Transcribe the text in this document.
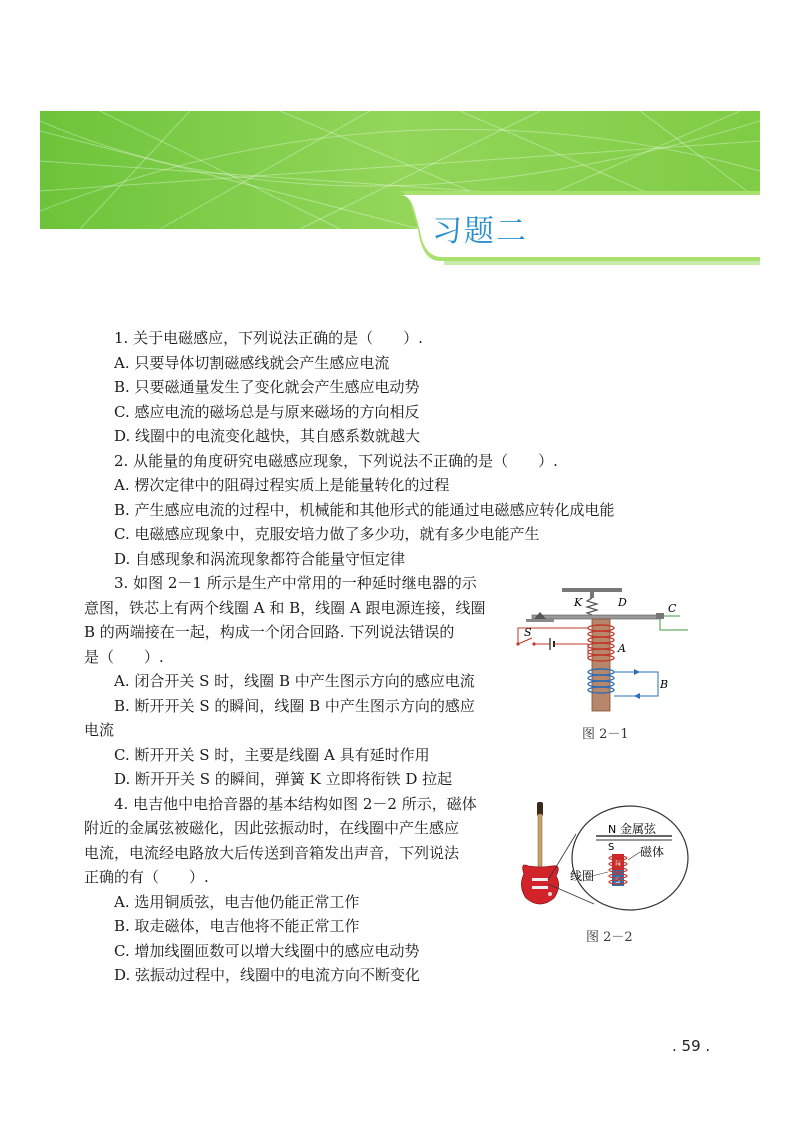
习题二
1. 关于电磁感应，下列说法正确的是（　　）.
A. 只要导体切割磁感线就会产生感应电流
B. 只要磁通量发生了变化就会产生感应电动势
C. 感应电流的磁场总是与原来磁场的方向相反
D. 线圈中的电流变化越快，其自感系数就越大
2. 从能量的角度研究电磁感应现象，下列说法不正确的是（　　）.
A. 楞次定律中的阻碍过程实质上是能量转化的过程
B. 产生感应电流的过程中，机械能和其他形式的能通过电磁感应转化成电能
C. 电磁感应现象中，克服安培力做了多少功，就有多少电能产生
D. 自感现象和涡流现象都符合能量守恒定律
3. 如图 2－1 所示是生产中常用的一种延时继电器的示
意图，铁芯上有两个线圈 A 和 B，线圈 A 跟电源连接，线圈
B 的两端接在一起，构成一个闭合回路. 下列说法错误的
是（　　）.
A. 闭合开关 S 时，线圈 B 中产生图示方向的感应电流
B. 断开开关 S 的瞬间，线圈 B 中产生图示方向的感应
电流
C. 断开开关 S 时，主要是线圈 A 具有延时作用
D. 断开开关 S 的瞬间，弹簧 K 立即将衔铁 D 拉起
4. 电吉他中电拾音器的基本结构如图 2－2 所示，磁体
附近的金属弦被磁化，因此弦振动时，在线圈中产生感应
电流，电流经电路放大后传送到音箱发出声音，下列说法
正确的有（　　）.
A. 选用铜质弦，电吉他仍能正常工作
B. 取走磁体，电吉他将不能正常工作
C. 增加线圈匝数可以增大线圈中的感应电动势
D. 弦振动过程中，线圈中的电流方向不断变化
K	D	C
A
S
B
图 2－1
N 金属弦
S
N
S
磁体
线圈
图 2－2
. 59 .
